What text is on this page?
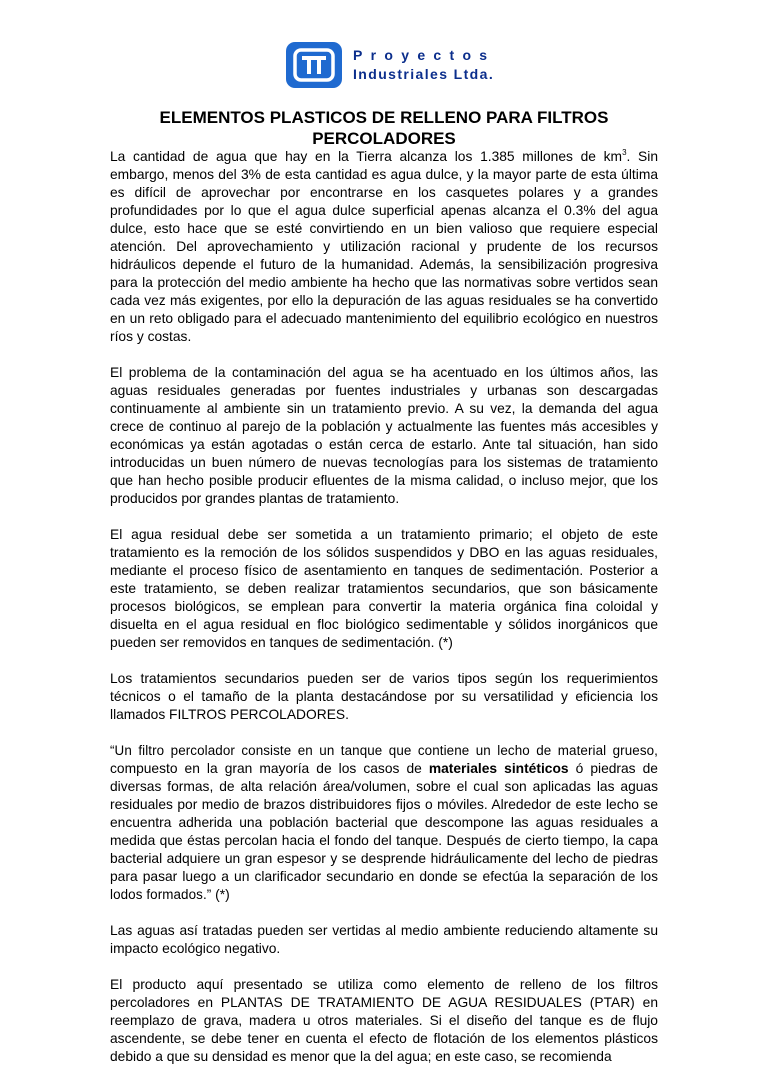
Proyectos
Industriales Ltda.
ELEMENTOS PLASTICOS DE RELLENO PARA FILTROS PERCOLADORES

La cantidad de agua que hay en la Tierra alcanza los 1.385 millones de $km^3$. Sin embargo, menos del 3% de esta cantidad es agua dulce, y la mayor parte de esta última es difícil de aprovechar por encontrarse en los casquetes polares y a grandes profundidades por lo que el agua dulce superficial apenas alcanza el 0.3% del agua dulce, esto hace que se esté convirtiendo en un bien valioso que requiere especial atención. Del aprovechamiento y utilización racional y prudente de los recursos hidráulicos depende el futuro de la humanidad. Además, la sensibilización progresiva para la protección del medio ambiente ha hecho que las normativas sobre vertidos sean cada vez más exigentes, por ello la depuración de las aguas residuales se ha convertido en un reto obligado para el adecuado mantenimiento del equilibrio ecológico en nuestros ríos y costas.

El problema de la contaminación del agua se ha acentuado en los últimos años, las aguas residuales generadas por fuentes industriales y urbanas son descargadas continuamente al ambiente sin un tratamiento previo. A su vez, la demanda del agua crece de continuo al parejo de la población y actualmente las fuentes más accesibles y económicas ya están agotadas o están cerca de estarlo. Ante tal situación, han sido introducidas un buen número de nuevas tecnologías para los sistemas de tratamiento que han hecho posible producir efluentes de la misma calidad, o incluso mejor, que los producidos por grandes plantas de tratamiento.

El agua residual debe ser sometida a un tratamiento primario; el objeto de este tratamiento es la remoción de los sólidos suspendidos y DBO en las aguas residuales, mediante el proceso físico de asentamiento en tanques de sedimentación. Posterior a este tratamiento, se deben realizar tratamientos secundarios, que son básicamente procesos biológicos, se emplean para convertir la materia orgánica fina coloidal y disuelta en el agua residual en floc biológico sedimentable y sólidos inorgánicos que pueden ser removidos en tanques de sedimentación. (*)

Los tratamientos secundarios pueden ser de varios tipos según los requerimientos técnicos o el tamaño de la planta destacándose por su versatilidad y eficiencia los llamados FILTROS PERCOLADORES.

“Un filtro percolador consiste en un tanque que contiene un lecho de material grueso, compuesto en la gran mayoría de los casos de materiales sintéticos ó piedras de diversas formas, de alta relación área/volumen, sobre el cual son aplicadas las aguas residuales por medio de brazos distribuidores fijos o móviles. Alrededor de este lecho se encuentra adherida una población bacterial que descompone las aguas residuales a medida que éstas percolan hacia el fondo del tanque. Después de cierto tiempo, la capa bacterial adquiere un gran espesor y se desprende hidráulicamente del lecho de piedras para pasar luego a un clarificador secundario en donde se efectúa la separación de los lodos formados.” (*)

Las aguas así tratadas pueden ser vertidas al medio ambiente reduciendo altamente su impacto ecológico negativo.

El producto aquí presentado se utiliza como elemento de relleno de los filtros percoladores en PLANTAS DE TRATAMIENTO DE AGUA RESIDUALES (PTAR) en reemplazo de grava, madera u otros materiales. Si el diseño del tanque es de flujo ascendente, se debe tener en cuenta el efecto de flotación de los elementos plásticos debido a que su densidad es menor que la del agua; en este caso, se recomienda
